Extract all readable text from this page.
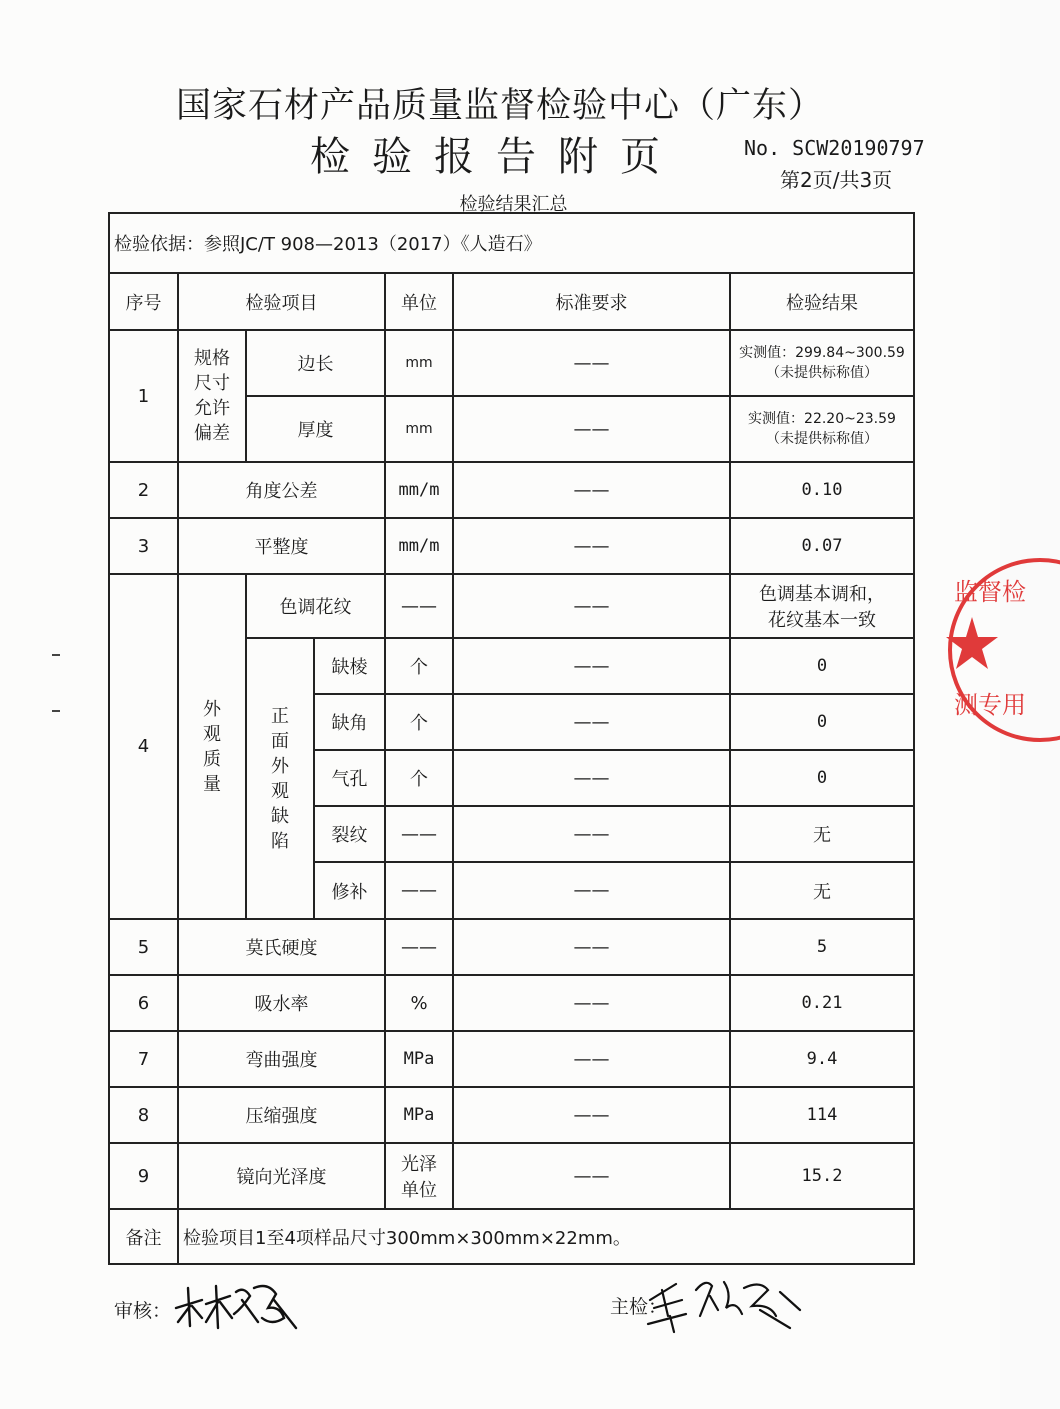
国家石材产品质量监督检验中心（广东）
检验报告附页	No. SCW20190797
第2页/共3页
检验结果汇总
检验依据：参照JC/T 908—2013（2017）《人造石》						
序号	检验项目			单位	标准要求	检验结果
1	规格尺寸允许偏差	边长		mm	——	实测值：299.84~300.59
（未提供标称值）

		厚度		mm	——	实测值：22.20~23.59
（未提供标称值）

2	角度公差			mm/m	——	0.10
3	平整度			mm/m	——	0.07
4	外观质量	色调花纹		——	——	色调基本调和，
花纹基本一致

		正面外观缺陷	缺棱	个	——	0
			缺角	个	——	0
			气孔	个	——	0
			裂纹	——	——	无
			修补	——	——	无
5	莫氏硬度			——	——	5
6	吸水率			%	——	0.21
7	弯曲强度			MPa	——	9.4
8	压缩强度			MPa	——	114
9	镜向光泽度			光泽
单位	——	15.2
备注	检验项目1至4项样品尺寸300mm×300mm×22mm。					
审核：	主检：
监督检
测专用
